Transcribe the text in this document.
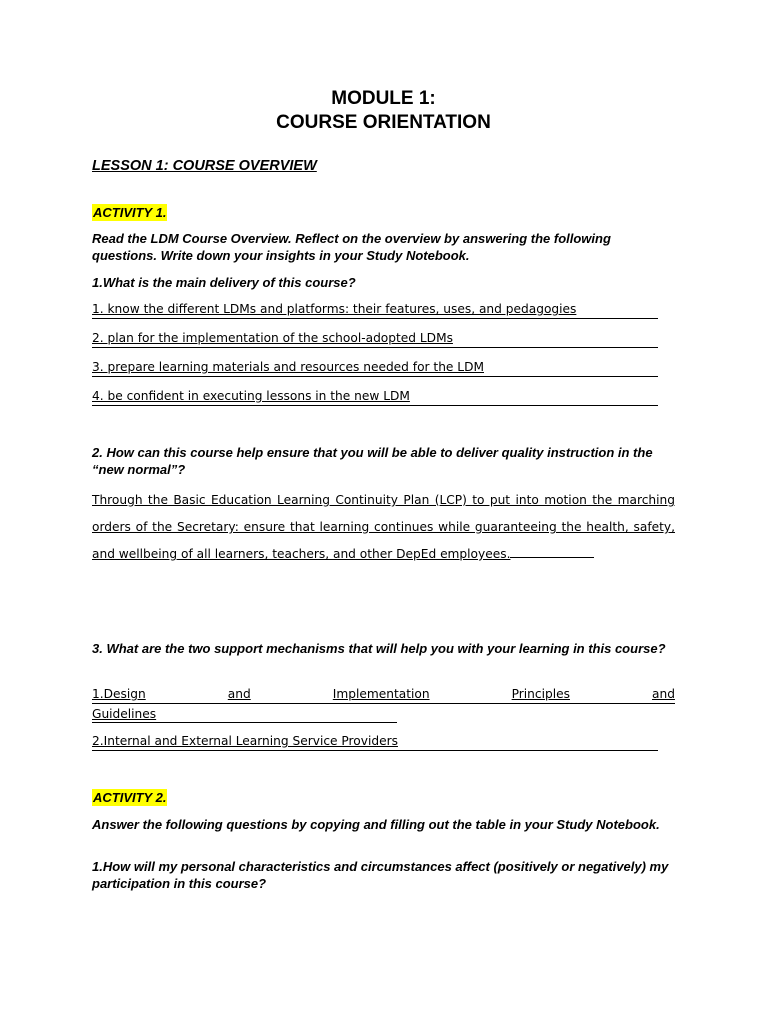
MODULE 1:
COURSE ORIENTATION

LESSON 1: COURSE OVERVIEW

ACTIVITY 1.

Read the LDM Course Overview. Reflect on the overview by answering the following questions. Write down your insights in your Study Notebook.

1.What is the main delivery of this course?

1. know the different LDMs and platforms: their features, uses, and pedagogies
2. plan for the implementation of the school-adopted LDMs
3. prepare learning materials and resources needed for the LDM
4. be confident in executing lessons in the new LDM

2. How can this course help ensure that you will be able to deliver quality instruction in the “new normal”?

Through the Basic Education Learning Continuity Plan (LCP) to put into motion the marching orders of the Secretary: ensure that learning continues while guaranteeing the health, safety, and wellbeing of all learners, teachers, and other DepEd employees.

3. What are the two support mechanisms that will help you with your learning in this course?

1.Design	and	Implementation	Principles	and
Guidelines
2.Internal and External Learning Service Providers
ACTIVITY 2.

Answer the following questions by copying and filling out the table in your Study Notebook.

1.How will my personal characteristics and circumstances affect (positively or negatively) my participation in this course?
